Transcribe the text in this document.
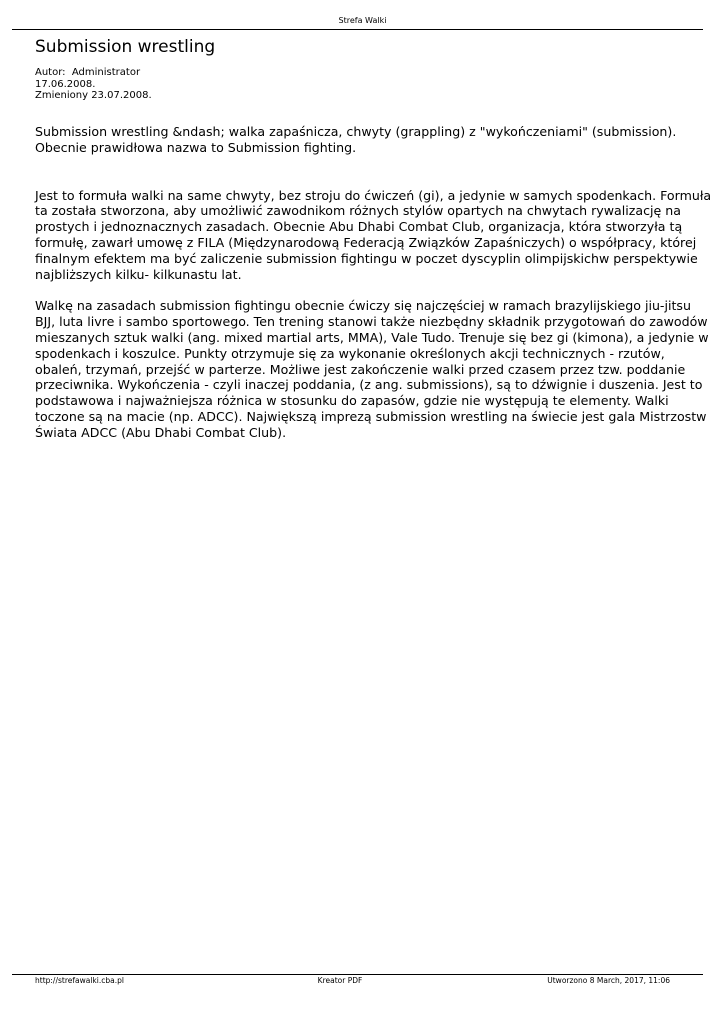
Strefa Walki
Submission wrestling
Autor:  Administrator
17.06.2008.
Zmieniony 23.07.2008.

Submission wrestling &ndash; walka zapaśnicza, chwyty (grappling) z "wykończeniami" (submission). Obecnie prawidłowa nazwa to Submission fighting.

Jest to formuła walki na same chwyty, bez stroju do ćwiczeń (gi), a jedynie w samych spodenkach. Formuła ta została stworzona, aby umożliwić zawodnikom różnych stylów opartych na chwytach rywalizację na prostych i jednoznacznych zasadach. Obecnie Abu Dhabi Combat Club, organizacja, która stworzyła tą formułę, zawarł umowę z FILA (Międzynarodową Federacją Związków Zapaśniczych) o współpracy, której finalnym efektem ma być zaliczenie submission fightingu w poczet dyscyplin olimpijskichw perspektywie najbliższych kilku- kilkunastu lat.

Walkę na zasadach submission fightingu obecnie ćwiczy się najczęściej w ramach brazylijskiego jiu-jitsu BJJ, luta livre i sambo sportowego. Ten trening stanowi także niezbędny składnik przygotowań do zawodów mieszanych sztuk walki (ang. mixed martial arts, MMA), Vale Tudo. Trenuje się bez gi (kimona), a jedynie w spodenkach i koszulce. Punkty otrzymuje się za wykonanie określonych akcji technicznych - rzutów, obaleń, trzymań, przejść w parterze. Możliwe jest zakończenie walki przed czasem przez tzw. poddanie przeciwnika. Wykończenia - czyli inaczej poddania, (z ang. submissions), są to dźwignie i duszenia. Jest to podstawowa i najważniejsza różnica w stosunku do zapasów, gdzie nie występują te elementy. Walki toczone są na macie (np. ADCC). Największą imprezą submission wrestling na świecie jest gala Mistrzostw Świata ADCC (Abu Dhabi Combat Club).

http://strefawalki.cba.pl	Kreator PDF	Utworzono 8 March, 2017, 11:06
